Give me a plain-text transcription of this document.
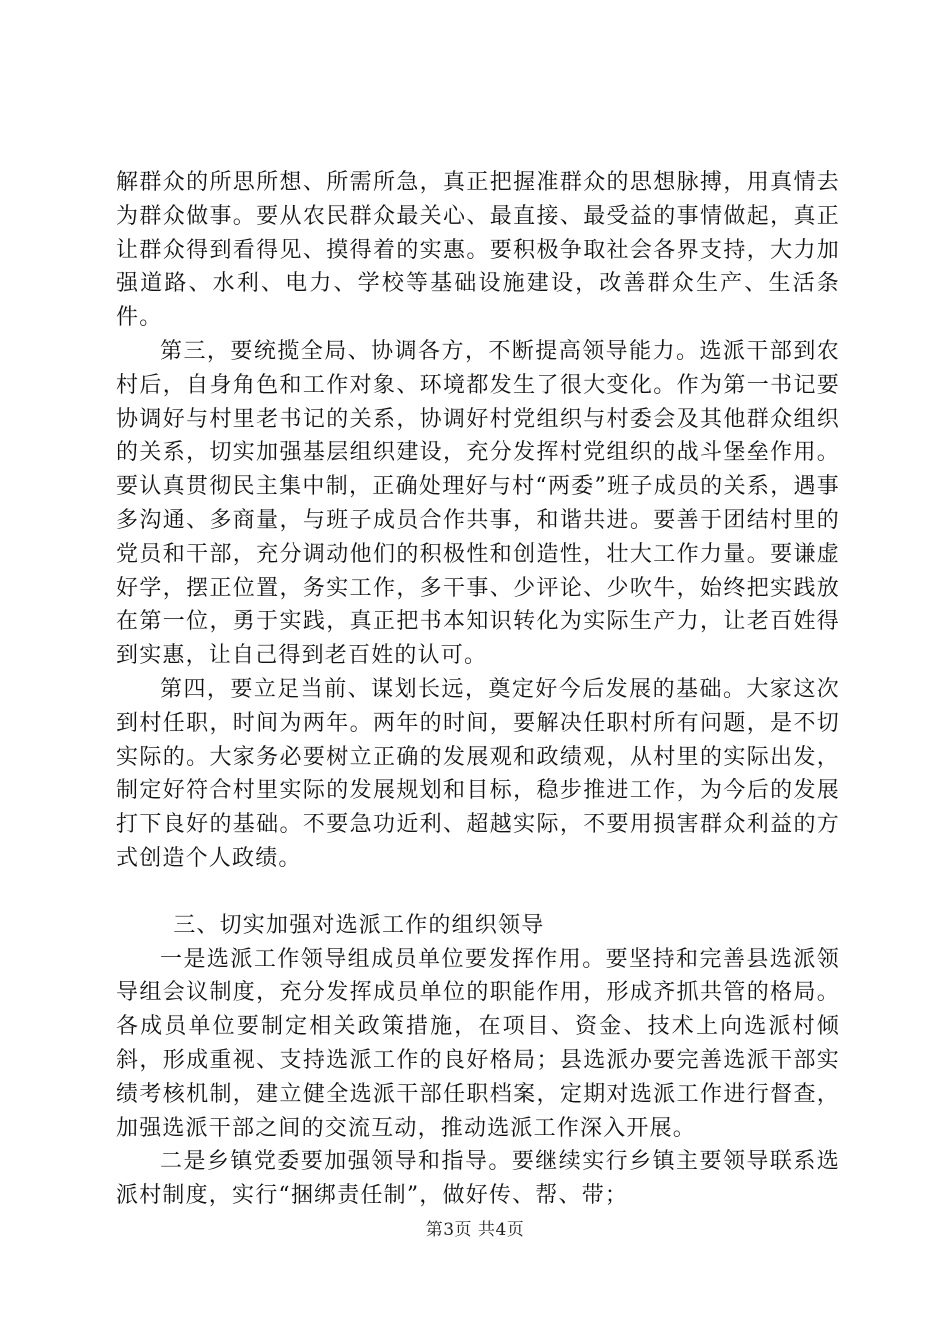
解群众的所思所想、所需所急，真正把握准群众的思想脉搏，用真情去为群众做事。要从农民群众最关心、最直接、最受益的事情做起，真正让群众得到看得见、摸得着的实惠。要积极争取社会各界支持，大力加强道路、水利、电力、学校等基础设施建设，改善群众生产、生活条件。

第三，要统揽全局、协调各方，不断提高领导能力。选派干部到农村后，自身角色和工作对象、环境都发生了很大变化。作为第一书记要协调好与村里老书记的关系，协调好村党组织与村委会及其他群众组织的关系，切实加强基层组织建设，充分发挥村党组织的战斗堡垒作用。要认真贯彻民主集中制，正确处理好与村“两委”班子成员的关系，遇事多沟通、多商量，与班子成员合作共事，和谐共进。要善于团结村里的党员和干部，充分调动他们的积极性和创造性，壮大工作力量。要谦虚好学，摆正位置，务实工作，多干事、少评论、少吹牛，始终把实践放在第一位，勇于实践，真正把书本知识转化为实际生产力，让老百姓得到实惠，让自己得到老百姓的认可。

第四，要立足当前、谋划长远，奠定好今后发展的基础。大家这次到村任职，时间为两年。两年的时间，要解决任职村所有问题，是不切实际的。大家务必要树立正确的发展观和政绩观，从村里的实际出发，制定好符合村里实际的发展规划和目标，稳步推进工作，为今后的发展打下良好的基础。不要急功近利、超越实际，不要用损害群众利益的方式创造个人政绩。

三、切实加强对选派工作的组织领导

一是选派工作领导组成员单位要发挥作用。要坚持和完善县选派领导组会议制度，充分发挥成员单位的职能作用，形成齐抓共管的格局。各成员单位要制定相关政策措施，在项目、资金、技术上向选派村倾斜，形成重视、支持选派工作的良好格局；县选派办要完善选派干部实绩考核机制，建立健全选派干部任职档案，定期对选派工作进行督查，加强选派干部之间的交流互动，推动选派工作深入开展。

二是乡镇党委要加强领导和指导。要继续实行乡镇主要领导联系选派村制度，实行“捆绑责任制”，做好传、帮、带；

第3页 共4页
